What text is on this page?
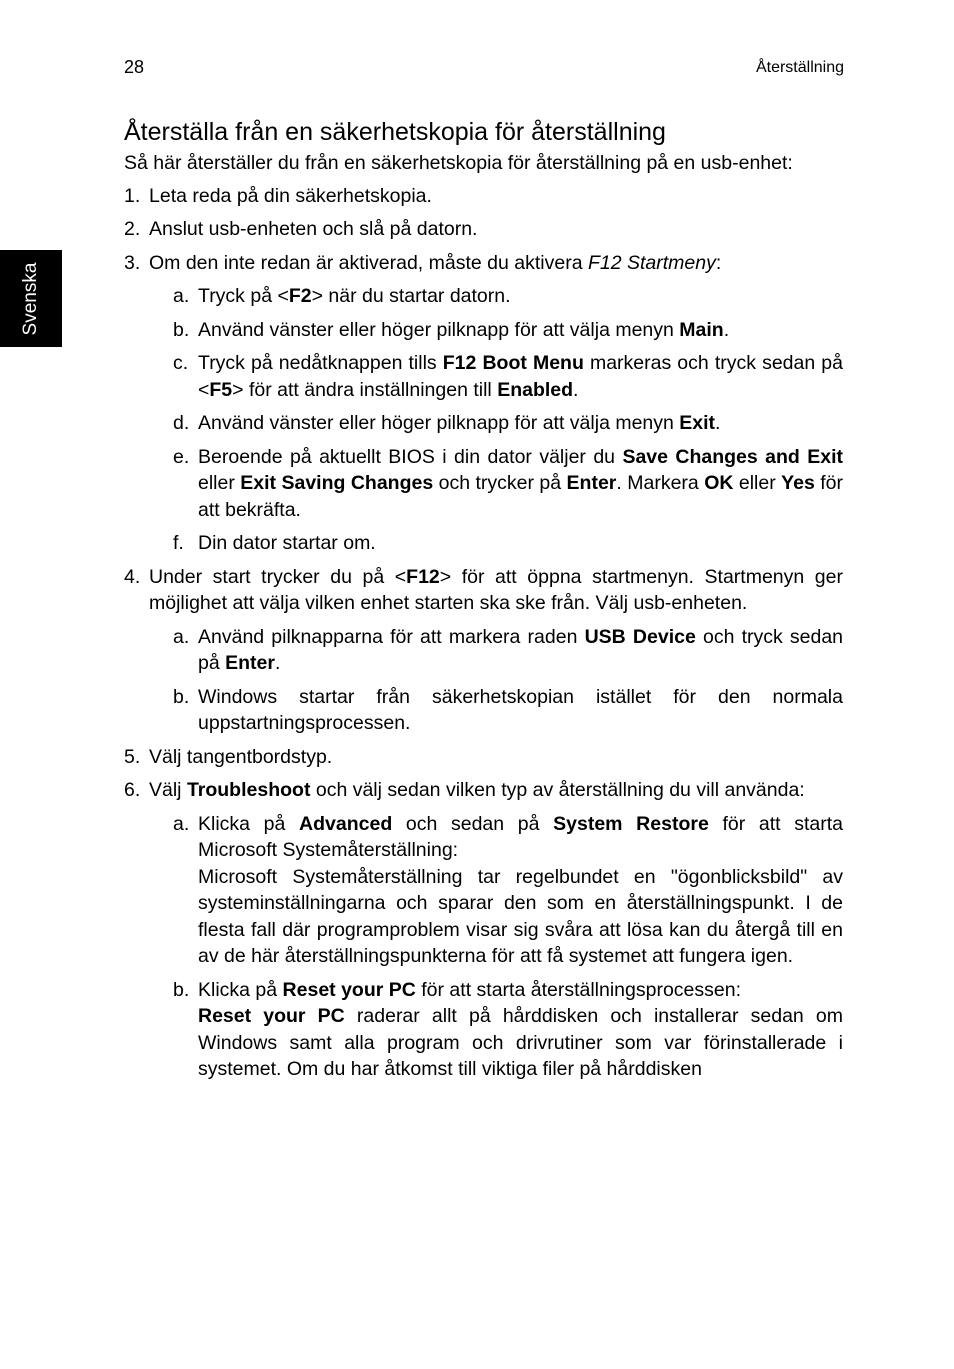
28	Återställning
Svenska
Återställa från en säkerhetskopia för återställning

Så här återställer du från en säkerhetskopia för återställning på en usb-enhet:

1. Leta reda på din säkerhetskopia.
2. Anslut usb-enheten och slå på datorn.
3. Om den inte redan är aktiverad, måste du aktivera F12 Startmeny:
a. Tryck på <F2> när du startar datorn.
b. Använd vänster eller höger pilknapp för att välja menyn Main.
c. Tryck på nedåtknappen tills F12 Boot Menu markeras och tryck sedan på <F5> för att ändra inställningen till Enabled.
d. Använd vänster eller höger pilknapp för att välja menyn Exit.
e. Beroende på aktuellt BIOS i din dator väljer du Save Changes and Exit eller Exit Saving Changes och trycker på Enter. Markera OK eller Yes för att bekräfta.
f. Din dator startar om.
4. Under start trycker du på <F12> för att öppna startmenyn. Startmenyn ger möjlighet att välja vilken enhet starten ska ske från. Välj usb-enheten.
a. Använd pilknapparna för att markera raden USB Device och tryck sedan på Enter.
b. Windows startar från säkerhetskopian istället för den normala uppstartningsprocessen.
5. Välj tangentbordstyp.
6. Välj Troubleshoot och välj sedan vilken typ av återställning du vill använda:
a. Klicka på Advanced och sedan på System Restore för att starta Microsoft Systemåterställning:

Microsoft Systemåterställning tar regelbundet en "ögonblicksbild" av systeminställningarna och sparar den som en återställningspunkt. I de flesta fall där programproblem visar sig svåra att lösa kan du återgå till en av de här återställningspunkterna för att få systemet att fungera igen.

b. Klicka på Reset your PC för att starta återställningsprocessen:

Reset your PC raderar allt på hårddisken och installerar sedan om Windows samt alla program och drivrutiner som var förinstallerade i systemet. Om du har åtkomst till viktiga filer på hårddisken
